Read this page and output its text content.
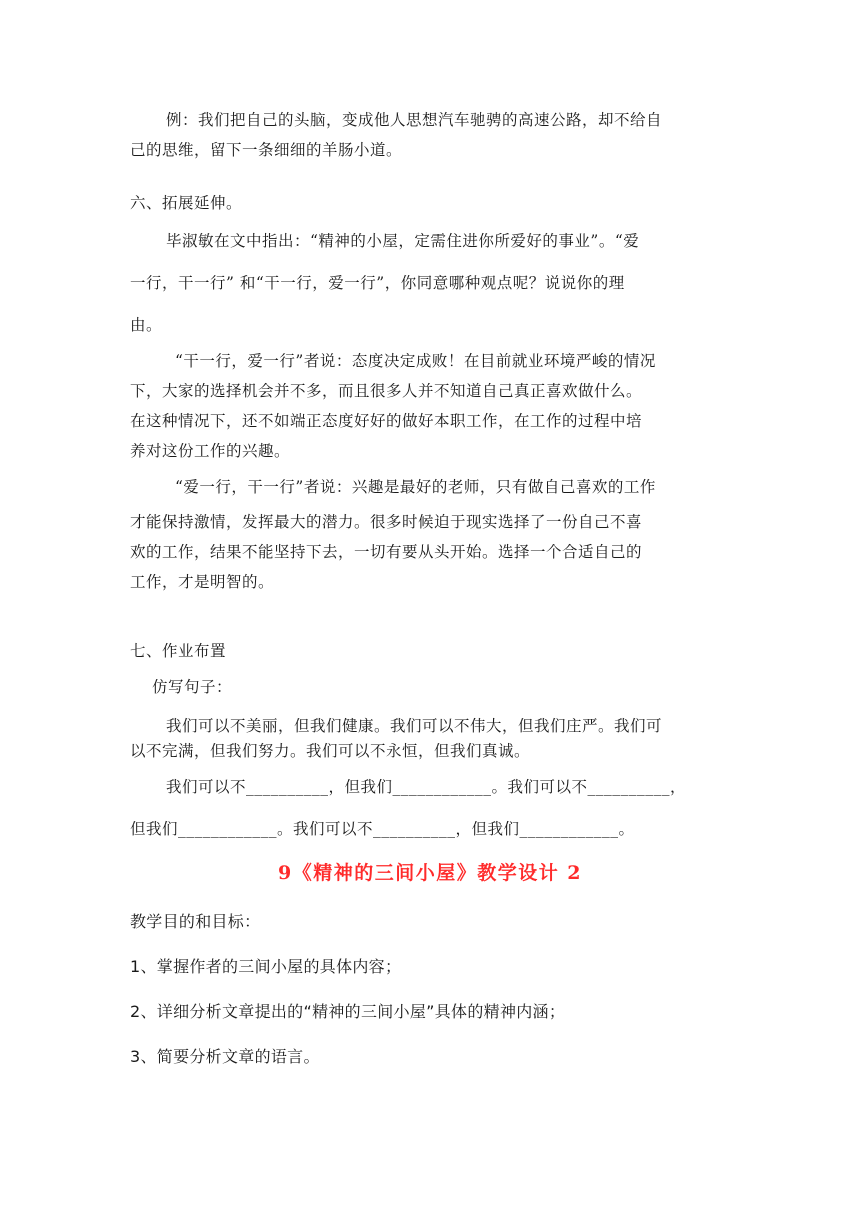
例：我们把自己的头脑，变成他人思想汽车驰骋的高速公路，却不给自
己的思维，留下一条细细的羊肠小道。
六、拓展延伸。
毕淑敏在文中指出：“精神的小屋，定需住进你所爱好的事业”。“爱
一行，干一行” 和“干一行，爱一行”，你同意哪种观点呢？说说你的理
由。
“干一行，爱一行”者说：态度决定成败！在目前就业环境严峻的情况
下，大家的选择机会并不多，而且很多人并不知道自己真正喜欢做什么。
在这种情况下，还不如端正态度好好的做好本职工作，在工作的过程中培
养对这份工作的兴趣。
“爱一行，干一行”者说：兴趣是最好的老师，只有做自己喜欢的工作
才能保持激情，发挥最大的潜力。很多时候迫于现实选择了一份自己不喜
欢的工作，结果不能坚持下去，一切有要从头开始。选择一个合适自己的
工作，才是明智的。
七、作业布置
仿写句子：
我们可以不美丽，但我们健康。我们可以不伟大，但我们庄严。我们可
以不完满，但我们努力。我们可以不永恒，但我们真诚。
我们可以不__________，但我们____________。我们可以不__________，
但我们____________。我们可以不__________，但我们____________。
9《精神的三间小屋》教学设计 2
教学目的和目标：
1、掌握作者的三间小屋的具体内容；
2、详细分析文章提出的“精神的三间小屋”具体的精神内涵；
3、简要分析文章的语言。
